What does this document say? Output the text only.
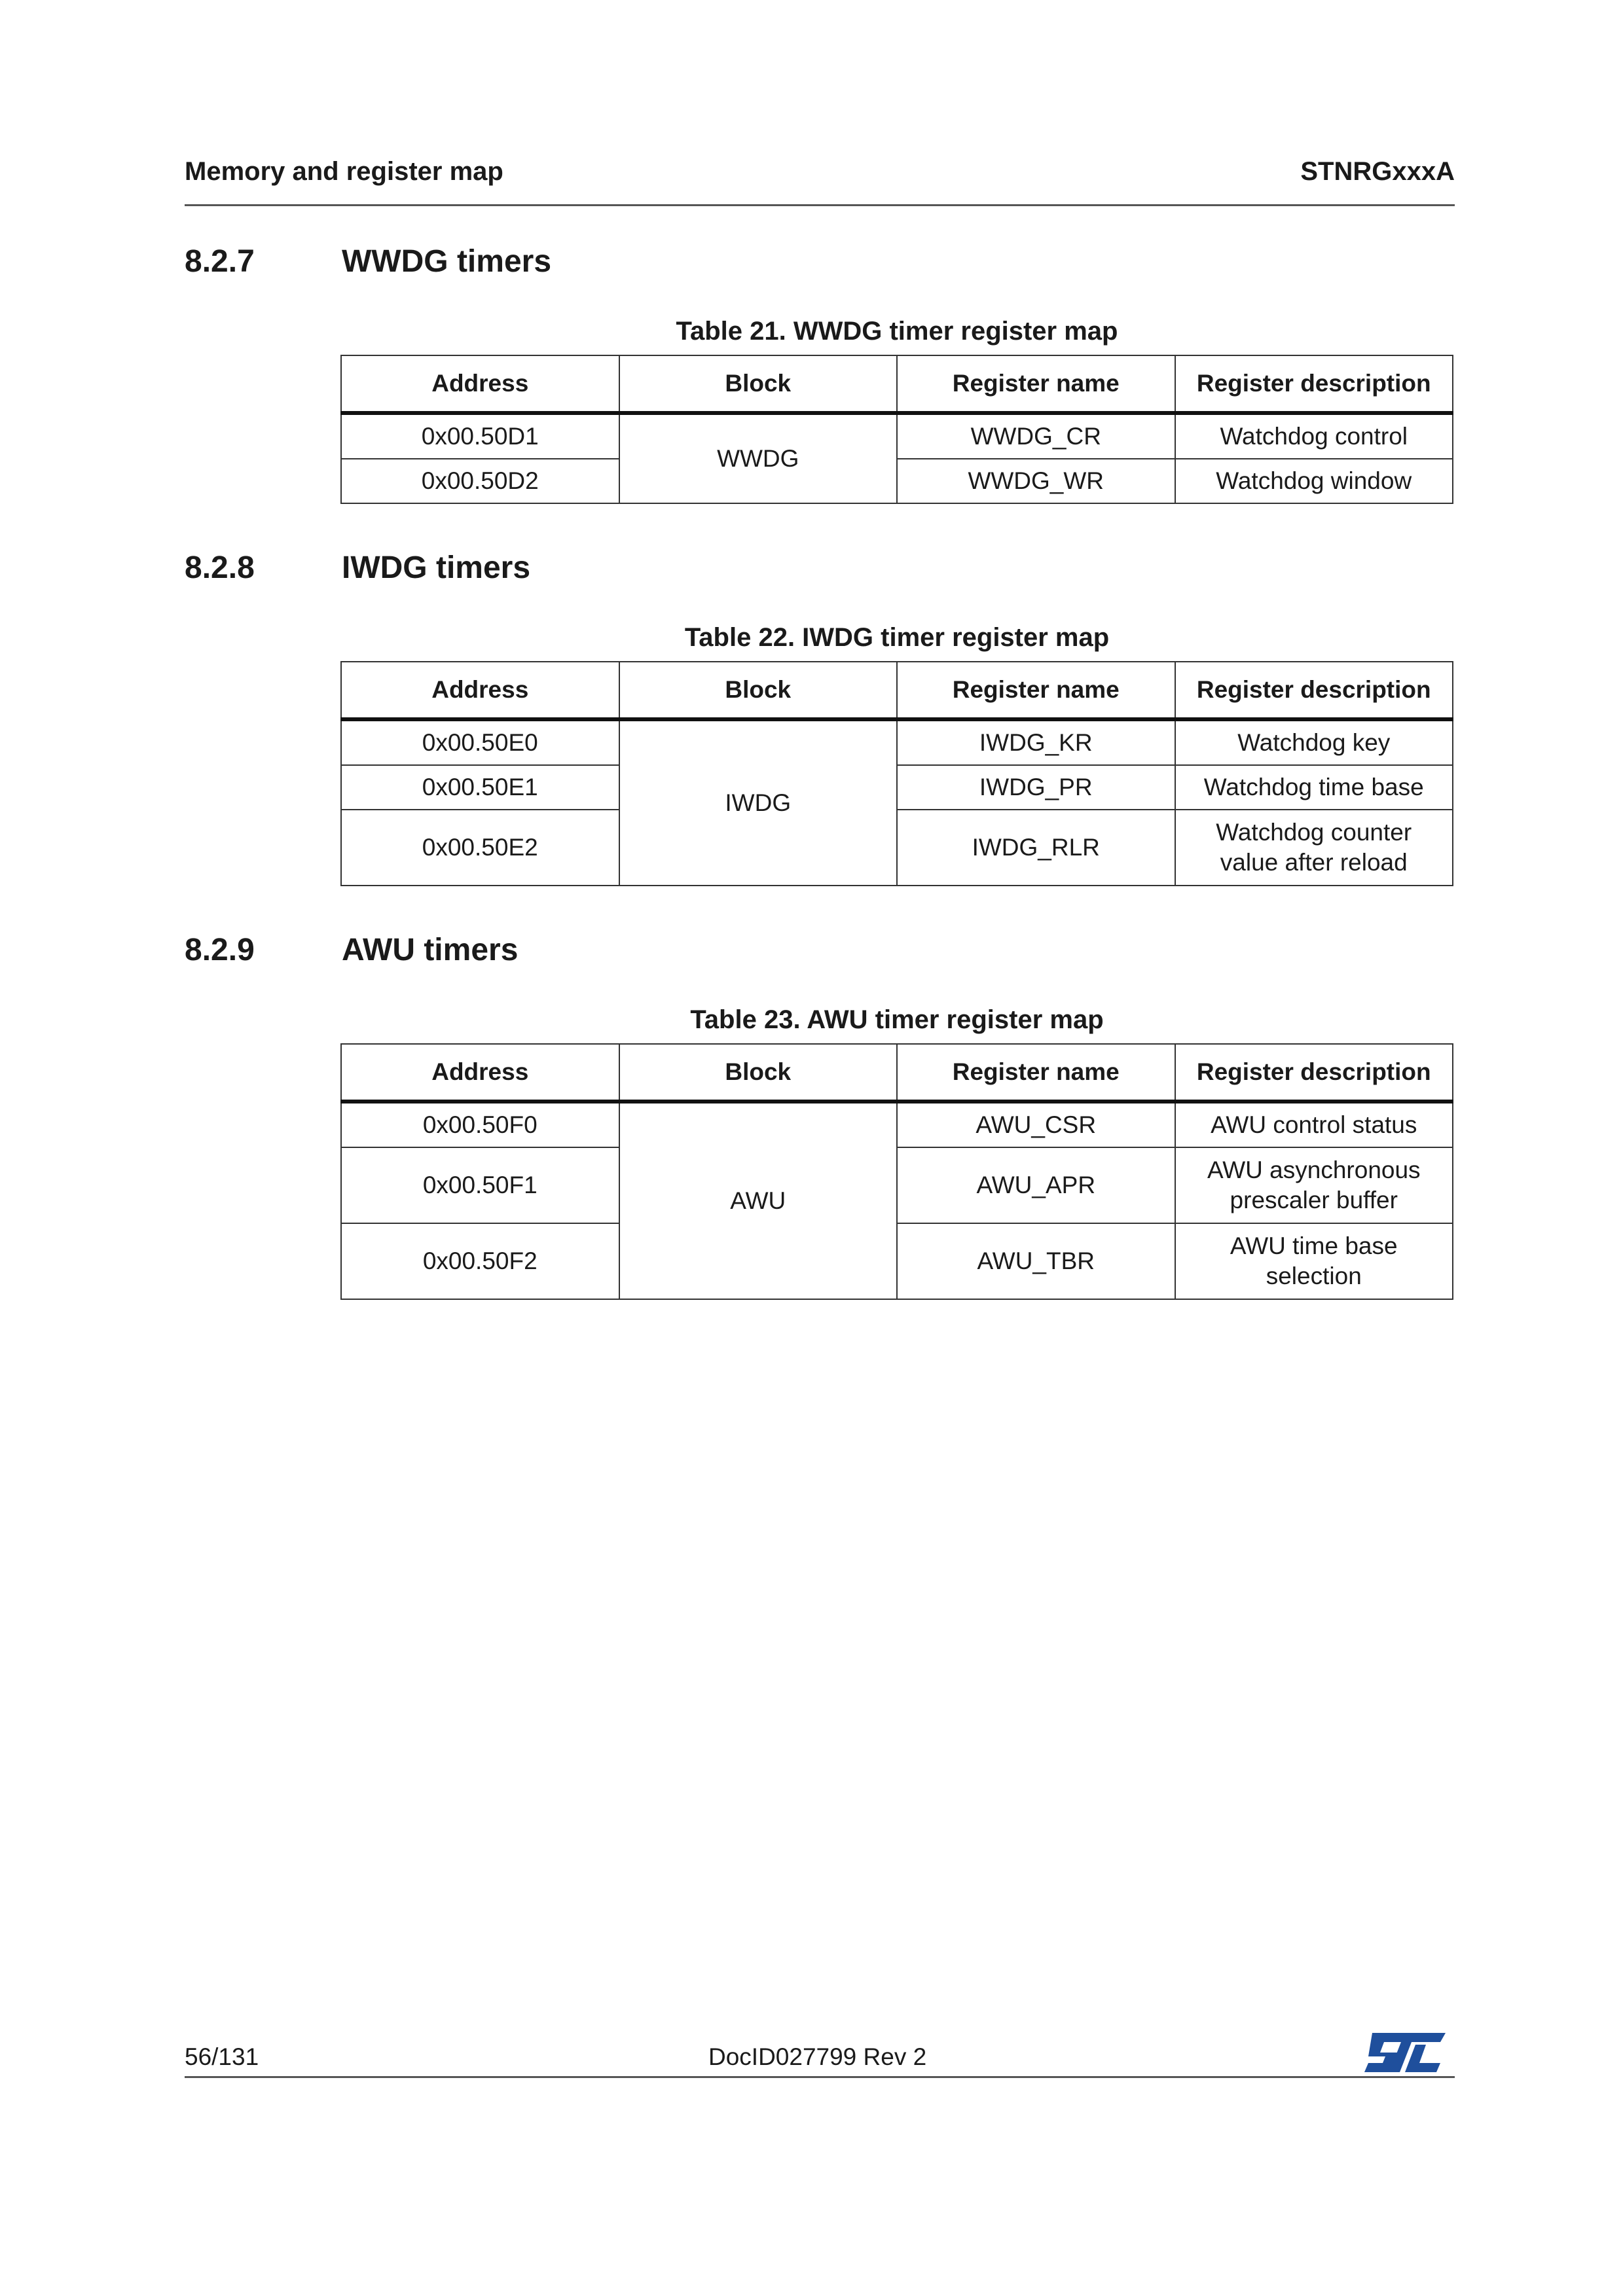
Memory and register map	STNRGxxxA
8.2.7	WWDG timers
Table 21. WWDG timer register map
Address	Block	Register name	Register description
0x00.50D1	WWDG	WWDG_CR	Watchdog control
0x00.50D2		WWDG_WR	Watchdog window
8.2.8	IWDG timers
Table 22. IWDG timer register map
Address	Block	Register name	Register description
0x00.50E0	IWDG	IWDG_KR	Watchdog key
0x00.50E1		IWDG_PR	Watchdog time base
0x00.50E2		IWDG_RLR	Watchdog counter
value after reload
8.2.9	AWU timers
Table 23. AWU timer register map
Address	Block	Register name	Register description
0x00.50F0	AWU	AWU_CSR	AWU control status
0x00.50F1		AWU_APR	AWU asynchronous
prescaler buffer
0x00.50F2		AWU_TBR	AWU time base
selection
56/131	DocID027799 Rev 2
